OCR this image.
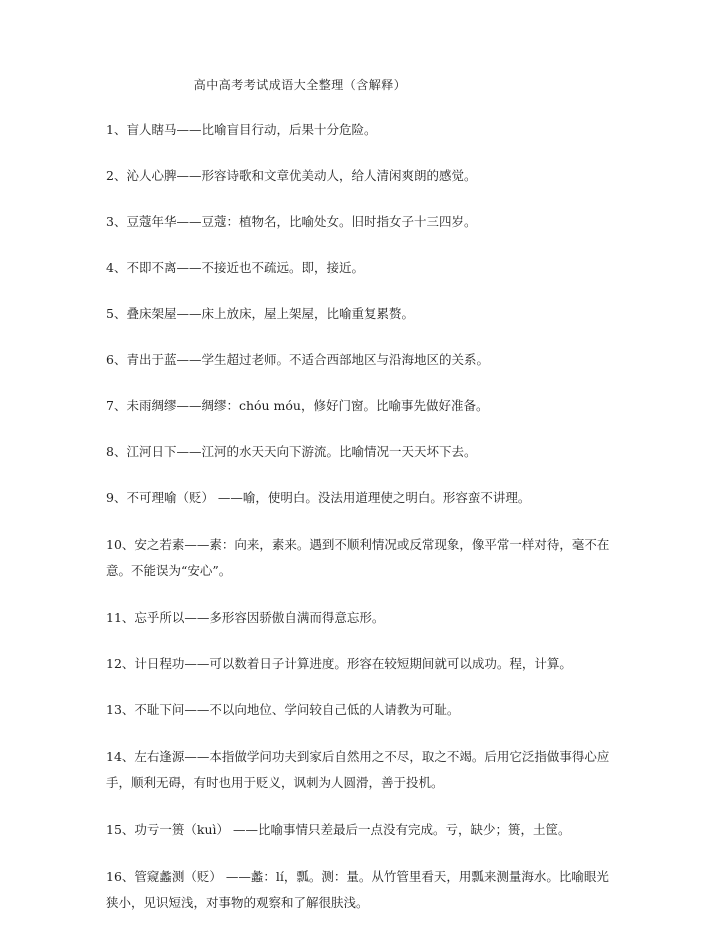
高中高考考试成语大全整理（含解释）
1、盲人瞎马——比喻盲目行动，后果十分危险。
2、沁人心脾——形容诗歌和文章优美动人，给人清闲爽朗的感觉。
3、豆蔻年华——豆蔻：植物名，比喻处女。旧时指女子十三四岁。
4、不即不离——不接近也不疏远。即，接近。
5、叠床架屋——床上放床，屋上架屋，比喻重复累赘。
6、青出于蓝——学生超过老师。不适合西部地区与沿海地区的关系。
7、未雨绸缪——绸缪：chóu móu，修好门窗。比喻事先做好准备。
8、江河日下——江河的水天天向下游流。比喻情况一天天坏下去。
9、不可理喻（贬） ——喻，使明白。没法用道理使之明白。形容蛮不讲理。
10、安之若素——素：向来，素来。遇到不顺利情况或反常现象，像平常一样对待，毫不在意。不能误为“安心”。
11、忘乎所以——多形容因骄傲自满而得意忘形。
12、计日程功——可以数着日子计算进度。形容在较短期间就可以成功。程，计算。
13、不耻下问——不以向地位、学问较自己低的人请教为可耻。
14、左右逢源——本指做学问功夫到家后自然用之不尽，取之不竭。后用它泛指做事得心应手，顺利无碍，有时也用于贬义，讽刺为人圆滑，善于投机。
15、功亏一篑（kuì） ——比喻事情只差最后一点没有完成。亏，缺少；篑，土筐。
16、管窥蠡测（贬） ——蠡：lí，瓢。测：量。从竹管里看天，用瓢来测量海水。比喻眼光狭小，见识短浅，对事物的观察和了解很肤浅。
